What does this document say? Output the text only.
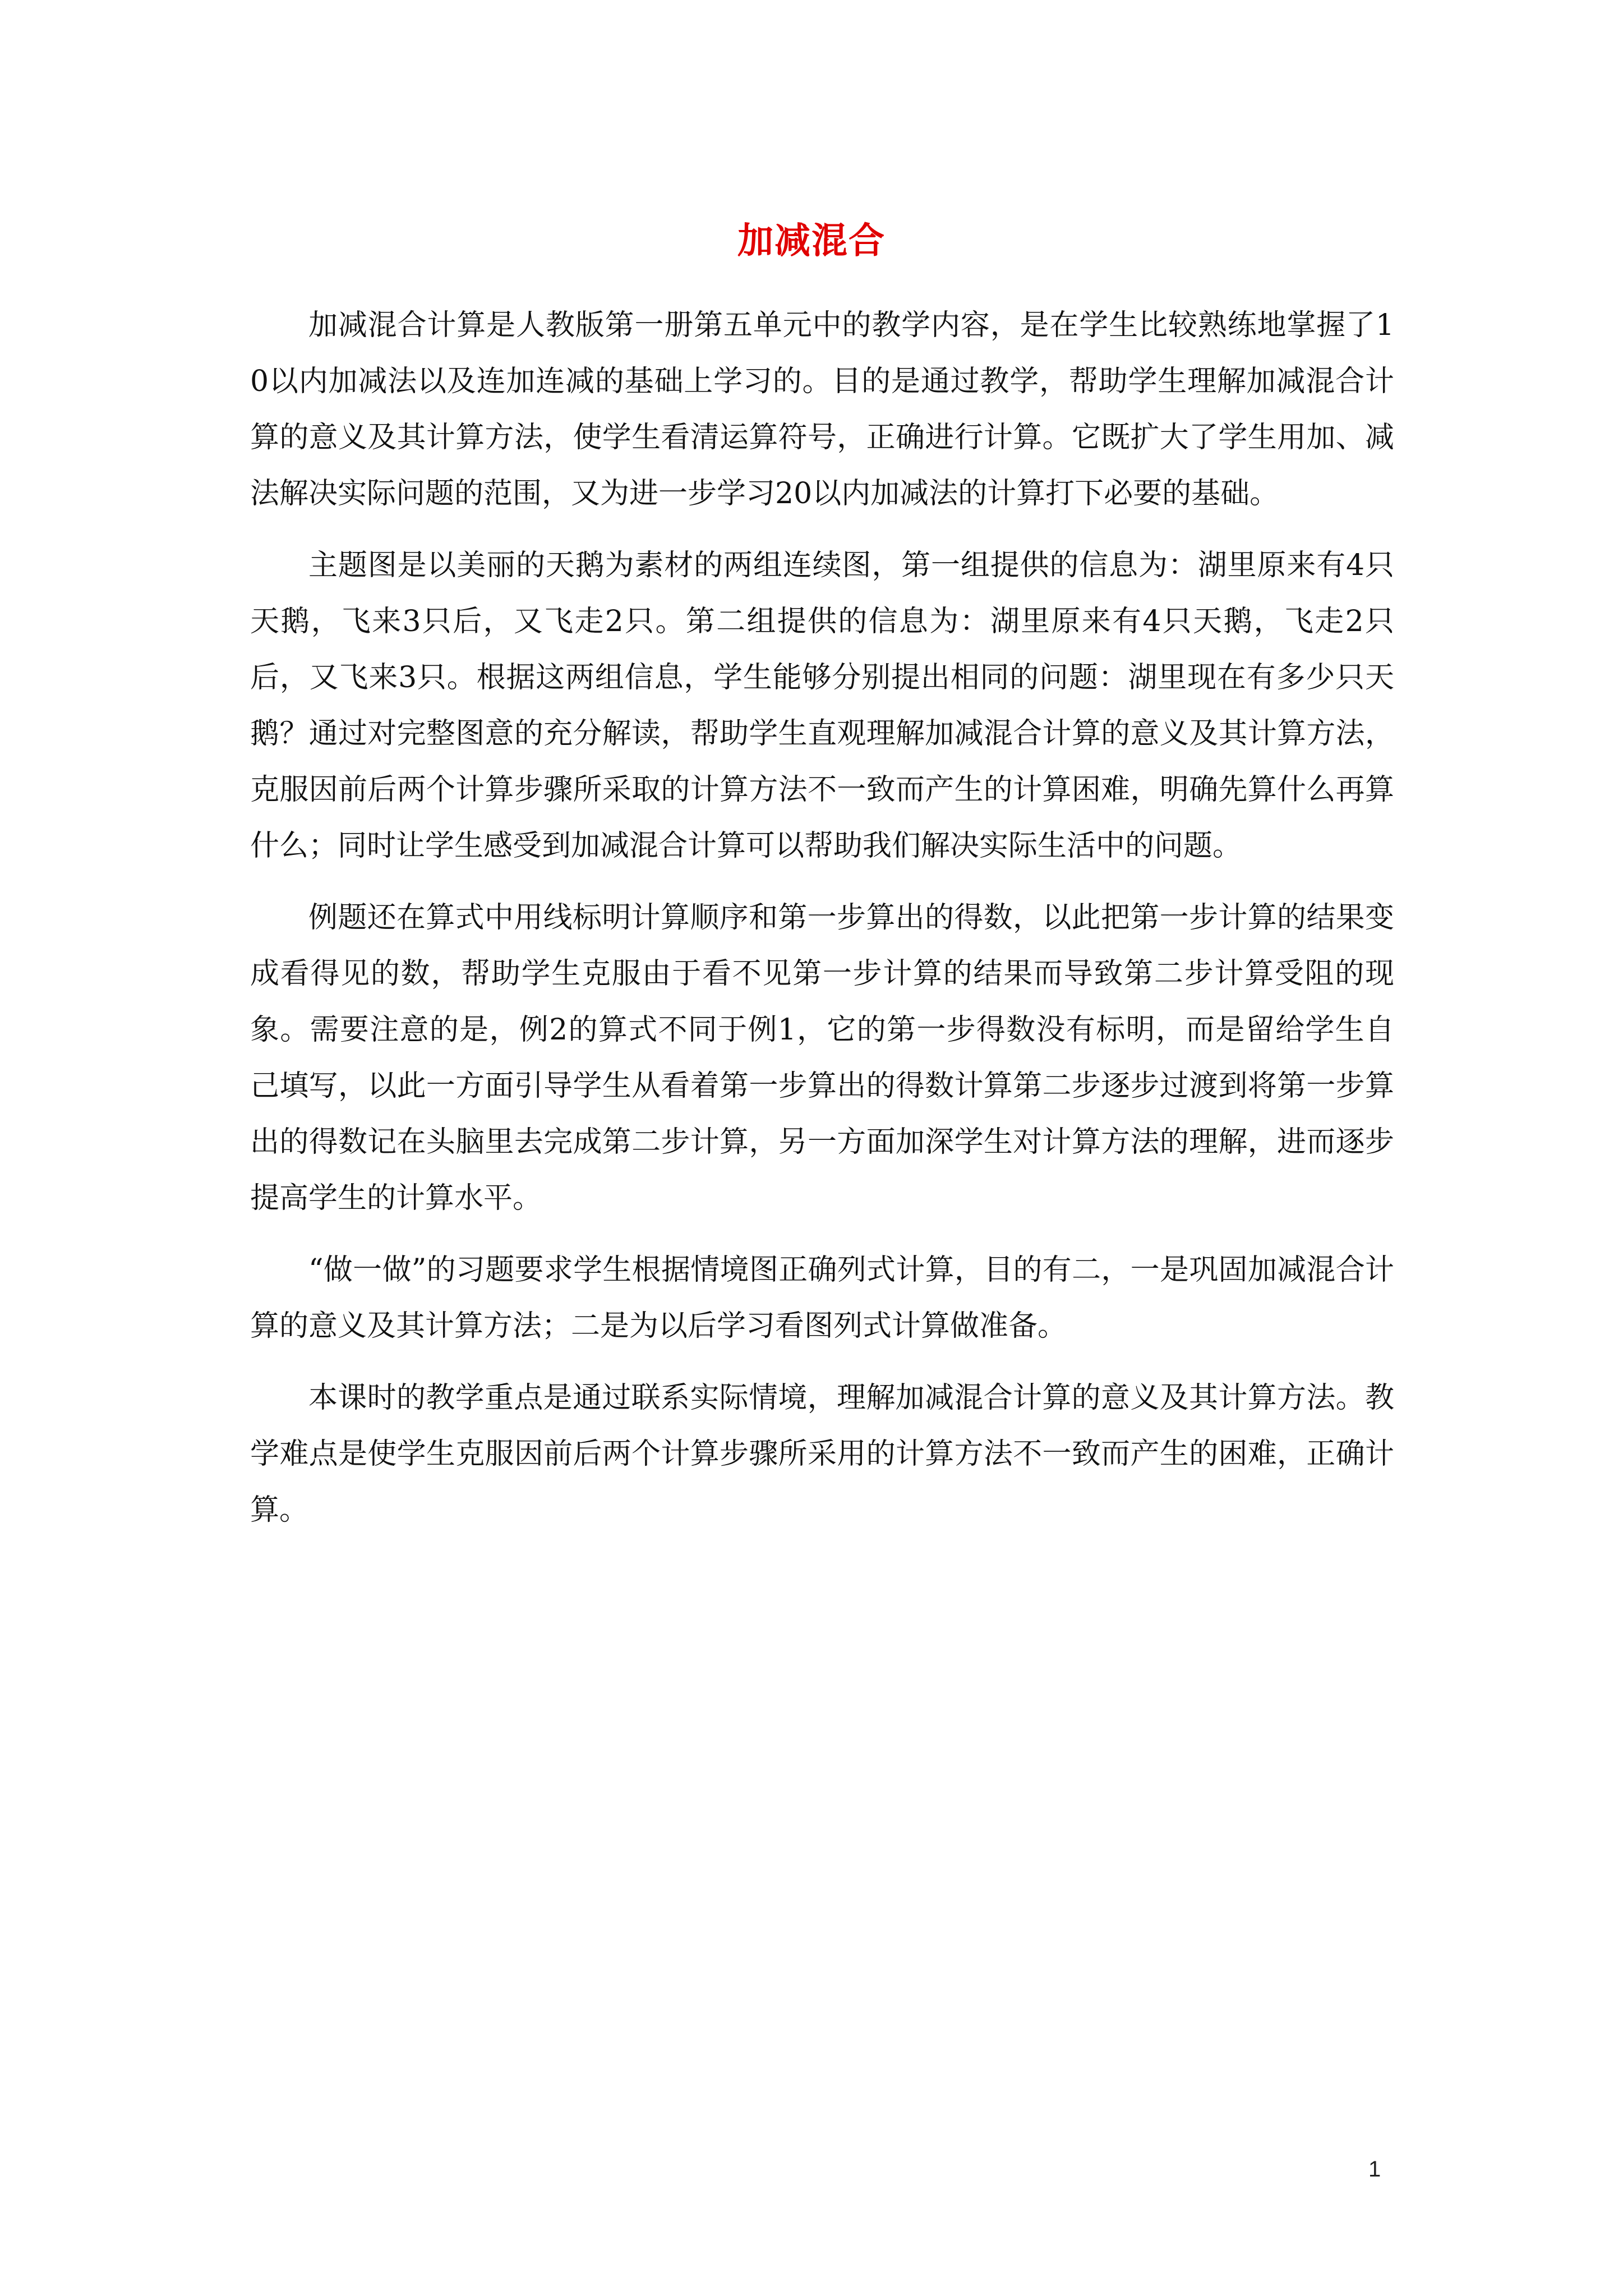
加减混合

加减混合计算是人教版第一册第五单元中的教学内容，是在学生比较熟练地掌握了10以内加减法以及连加连减的基础上学习的。目的是通过教学，帮助学生理解加减混合计算的意义及其计算方法，使学生看清运算符号，正确进行计算。它既扩大了学生用加、减法解决实际问题的范围，又为进一步学习20以内加减法的计算打下必要的基础。

主题图是以美丽的天鹅为素材的两组连续图，第一组提供的信息为：湖里原来有4只天鹅，飞来3只后，又飞走2只。第二组提供的信息为：湖里原来有4只天鹅，飞走2只后，又飞来3只。根据这两组信息，学生能够分别提出相同的问题：湖里现在有多少只天鹅？通过对完整图意的充分解读，帮助学生直观理解加减混合计算的意义及其计算方法，克服因前后两个计算步骤所采取的计算方法不一致而产生的计算困难，明确先算什么再算什么；同时让学生感受到加减混合计算可以帮助我们解决实际生活中的问题。

例题还在算式中用线标明计算顺序和第一步算出的得数，以此把第一步计算的结果变成看得见的数，帮助学生克服由于看不见第一步计算的结果而导致第二步计算受阻的现象。需要注意的是，例2的算式不同于例1，它的第一步得数没有标明，而是留给学生自己填写，以此一方面引导学生从看着第一步算出的得数计算第二步逐步过渡到将第一步算出的得数记在头脑里去完成第二步计算，另一方面加深学生对计算方法的理解，进而逐步提高学生的计算水平。

“做一做”的习题要求学生根据情境图正确列式计算，目的有二，一是巩固加减混合计算的意义及其计算方法；二是为以后学习看图列式计算做准备。

本课时的教学重点是通过联系实际情境，理解加减混合计算的意义及其计算方法。教学难点是使学生克服因前后两个计算步骤所采用的计算方法不一致而产生的困难，正确计算。

1
